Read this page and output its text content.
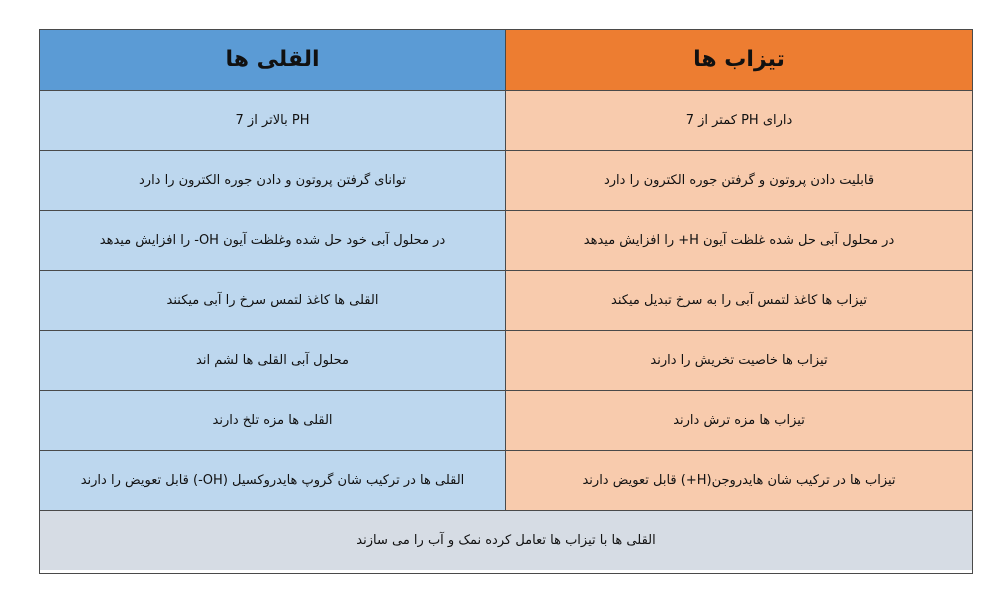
تیزاب ها
القلی ها
دارای PH کمتر از 7
PH بالاتر از 7
قابلیت دادن پروتون و گرفتن جوره الکترون را دارد
توانای گرفتن پروتون و دادن جوره الکترون را دارد
در محلول آبی حل شده غلظت آیون H+ را افزایش میدهد
در محلول آبی خود حل شده وغلظت آیون OH- را افزایش میدهد
تیزاب ها کاغذ لتمس آبی را به سرخ تبدیل میکند
القلی ها کاغذ لتمس سرخ را آبی میکنند
تیزاب ها خاصیت تخریش را دارند
محلول آبی القلی ها لشم اند
تیزاب ها مزه ترش دارند
القلی ها مزه تلخ دارند
تیزاب ها در ترکیب شان هایدروجن(H+) قابل تعویض دارند
القلی ها در ترکیب شان گروپ هایدروکسیل (OH-) قابل تعویض را دارند
القلی ها با تیزاب ها تعامل کرده نمک و آب را می سازند
